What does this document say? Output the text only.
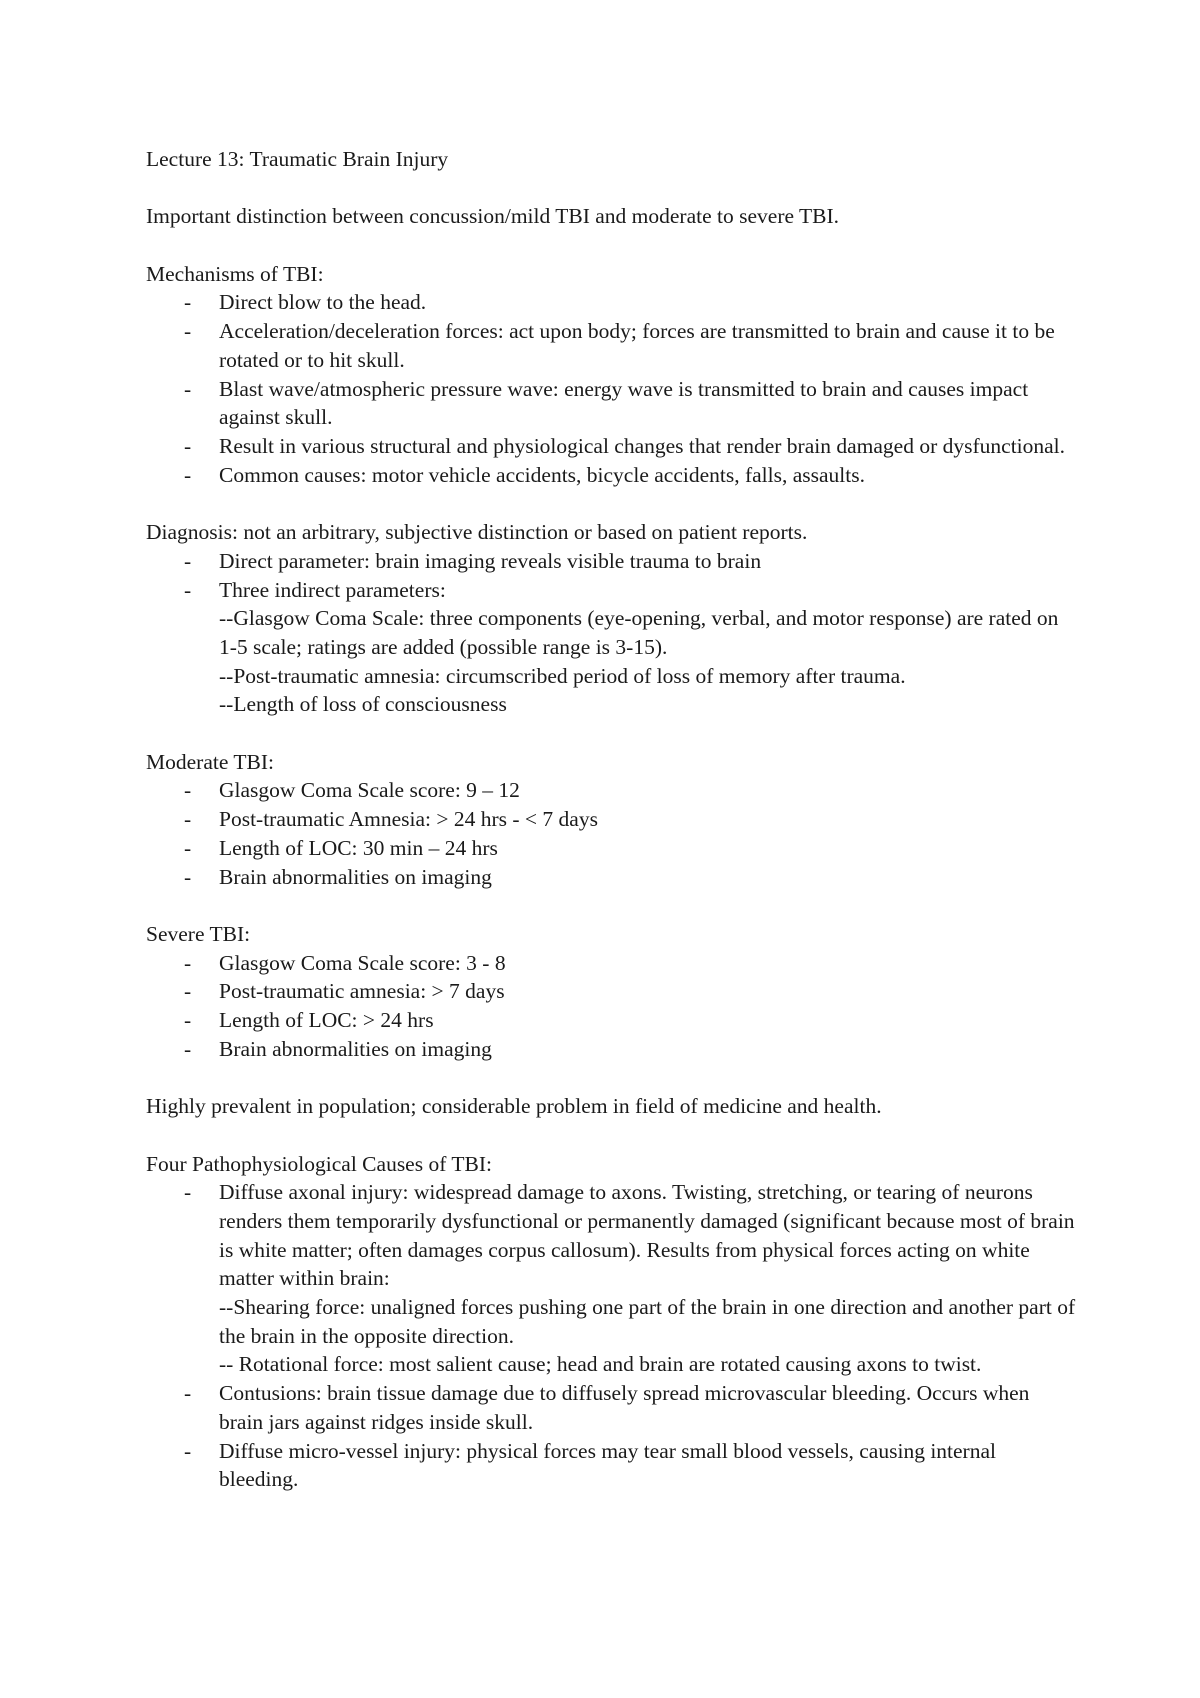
Lecture 13: Traumatic Brain Injury

Important distinction between concussion/mild TBI and moderate to severe TBI.

Mechanisms of TBI:

- Direct blow to the head.
- Acceleration/deceleration forces: act upon body; forces are transmitted to brain and cause it to be rotated or to hit skull.
- Blast wave/atmospheric pressure wave: energy wave is transmitted to brain and causes impact against skull.
- Result in various structural and physiological changes that render brain damaged or dysfunctional.
- Common causes: motor vehicle accidents, bicycle accidents, falls, assaults.

Diagnosis: not an arbitrary, subjective distinction or based on patient reports.

- Direct parameter: brain imaging reveals visible trauma to brain
- Three indirect parameters:
--Glasgow Coma Scale: three components (eye-opening, verbal, and motor response) are rated on 1-5 scale; ratings are added (possible range is 3-15).
--Post-traumatic amnesia: circumscribed period of loss of memory after trauma.
--Length of loss of consciousness

Moderate TBI:

- Glasgow Coma Scale score: 9 – 12
- Post-traumatic Amnesia: > 24 hrs - < 7 days
- Length of LOC: 30 min – 24 hrs
- Brain abnormalities on imaging

Severe TBI:

- Glasgow Coma Scale score: 3 - 8
- Post-traumatic amnesia: > 7 days
- Length of LOC: > 24 hrs
- Brain abnormalities on imaging

Highly prevalent in population; considerable problem in field of medicine and health.

Four Pathophysiological Causes of TBI:

- Diffuse axonal injury: widespread damage to axons. Twisting, stretching, or tearing of neurons renders them temporarily dysfunctional or permanently damaged (significant because most of brain is white matter; often damages corpus callosum). Results from physical forces acting on white matter within brain:
--Shearing force: unaligned forces pushing one part of the brain in one direction and another part of the brain in the opposite direction.
-- Rotational force: most salient cause; head and brain are rotated causing axons to twist.
- Contusions: brain tissue damage due to diffusely spread microvascular bleeding. Occurs when brain jars against ridges inside skull.
- Diffuse micro-vessel injury: physical forces may tear small blood vessels, causing internal bleeding.
